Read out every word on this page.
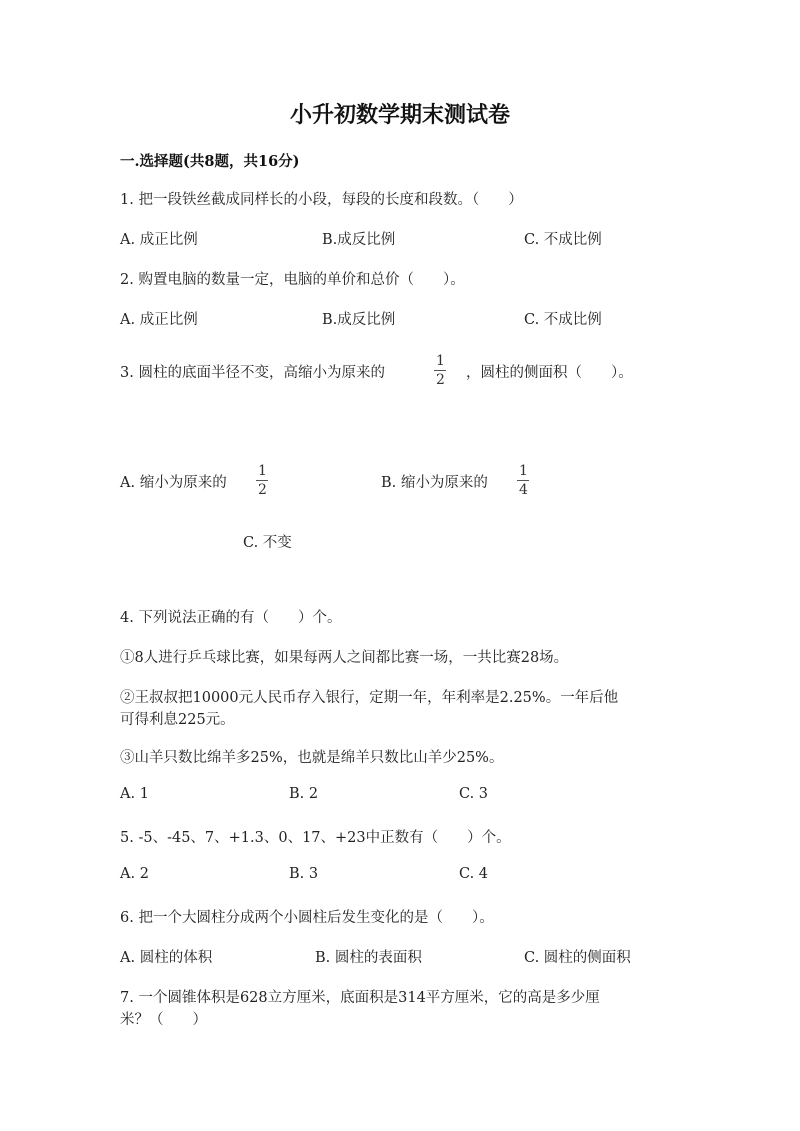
小升初数学期末测试卷
一.选择题(共8题，共16分)
1. 把一段铁丝截成同样长的小段，每段的长度和段数。（　　）
A. 成正比例	B.成反比例	C. 不成比例
2. 购置电脑的数量一定，电脑的单价和总价（　　）。
A. 成正比例	B.成反比例	C. 不成比例
3. 圆柱的底面半径不变，高缩小为原来的
1
2 ，圆柱的侧面积（　　）。
A. 缩小为原来的
1
2	B. 缩小为原来的
1
4
C. 不变
4. 下列说法正确的有（　　）个。
①8人进行乒乓球比赛，如果每两人之间都比赛一场，一共比赛28场。
②王叔叔把10000元人民币存入银行，定期一年，年利率是2.25%。一年后他
可得利息225元。
③山羊只数比绵羊多25%，也就是绵羊只数比山羊少25%。
A. 1	B. 2	C. 3
5. -5、-45、7、+1.3、0、17、+23中正数有（　　）个。
A. 2	B. 3	C. 4
6. 把一个大圆柱分成两个小圆柱后发生变化的是（　　）。
A. 圆柱的体积	B. 圆柱的表面积	C. 圆柱的侧面积
7. 一个圆锥体积是628立方厘米，底面积是314平方厘米，它的高是多少厘
米？（　　）
